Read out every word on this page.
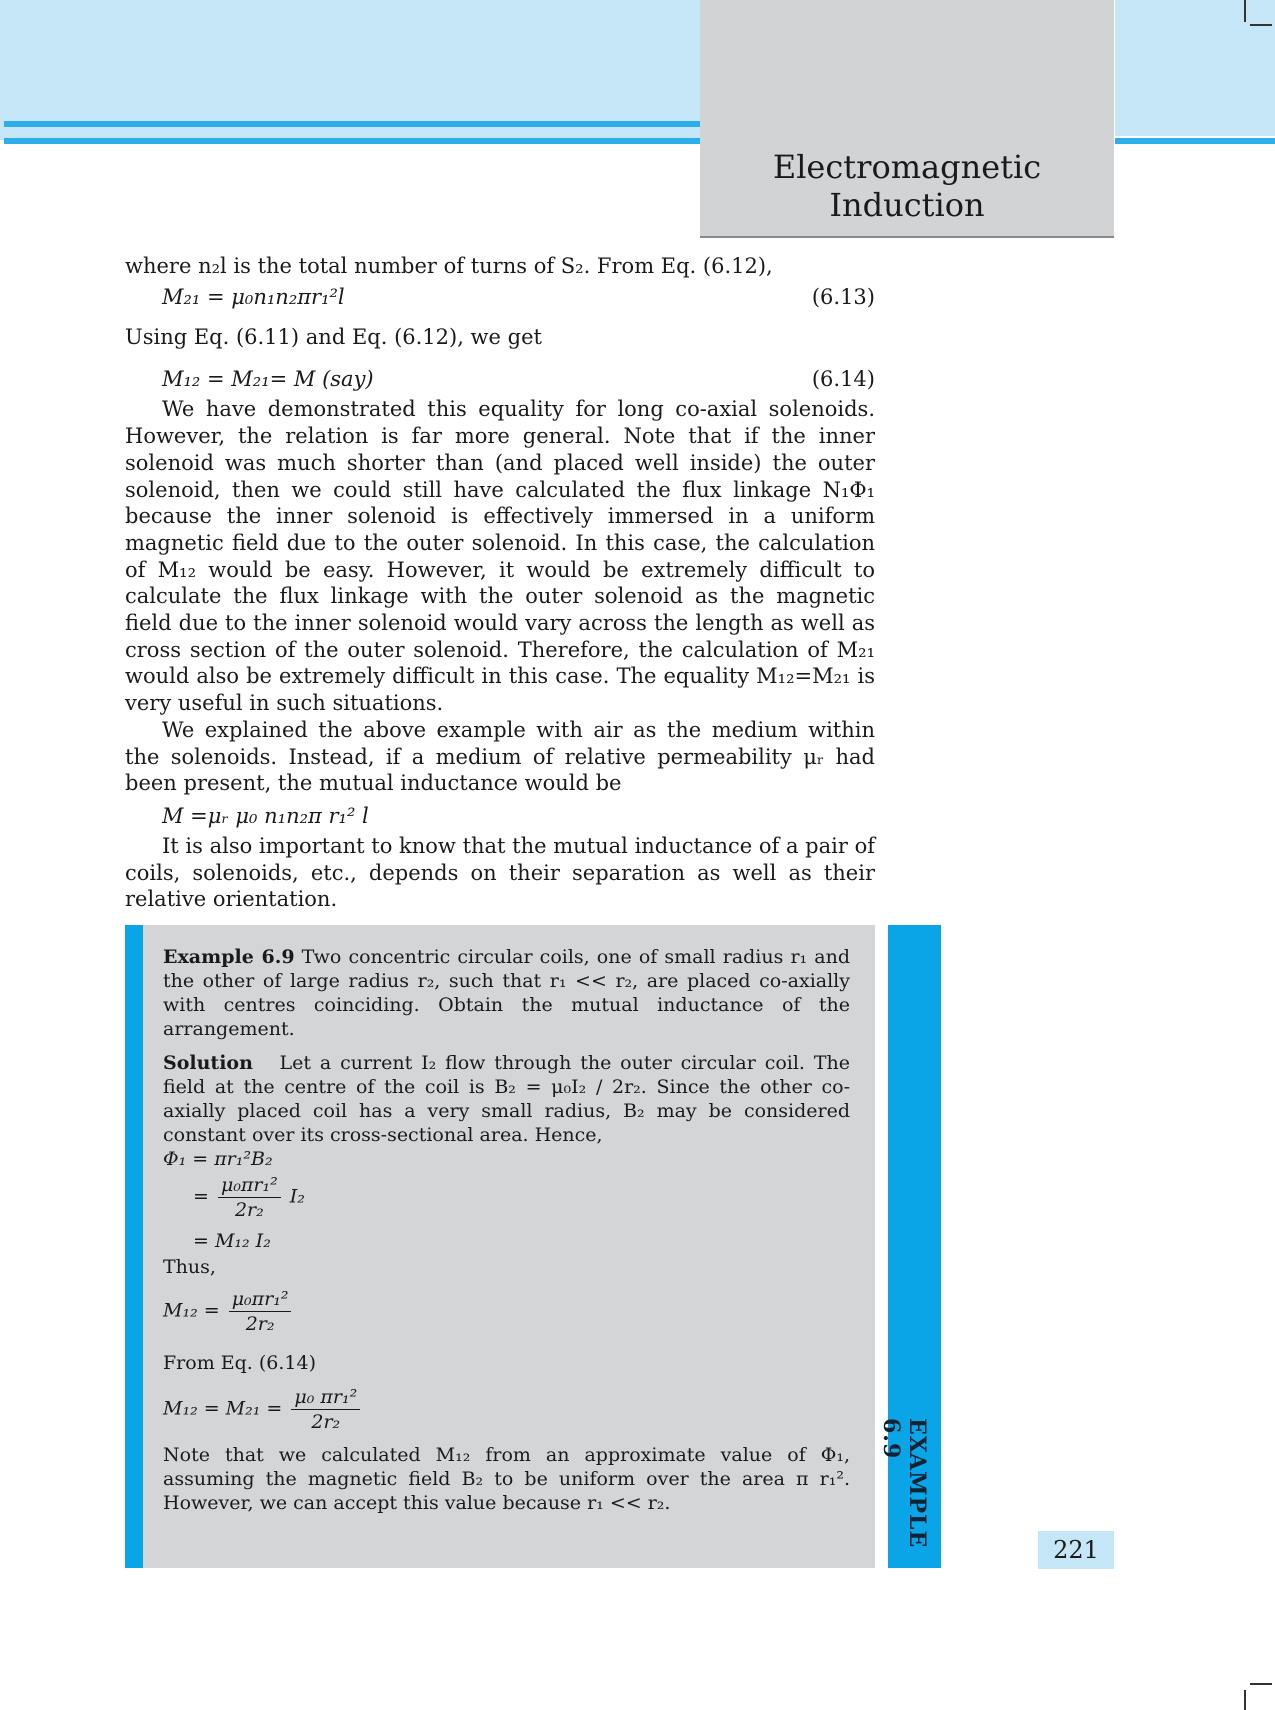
Electromagnetic
Induction

where n₂l is the total number of turns of S₂. From Eq. (6.12),

M₂₁ = μ₀n₁n₂πr₁²l	(6.13)

Using Eq. (6.11) and Eq. (6.12), we get

M₁₂ = M₂₁= M (say)	(6.14)

We have demonstrated this equality for long co-axial solenoids. However, the relation is far more general. Note that if the inner solenoid was much shorter than (and placed well inside) the outer solenoid, then we could still have calculated the flux linkage N₁Φ₁ because the inner solenoid is effectively immersed in a uniform magnetic field due to the outer solenoid. In this case, the calculation of M₁₂ would be easy. However, it would be extremely difficult to calculate the flux linkage with the outer solenoid as the magnetic field due to the inner solenoid would vary across the length as well as cross section of the outer solenoid. Therefore, the calculation of M₂₁ would also be extremely difficult in this case. The equality M₁₂=M₂₁ is very useful in such situations.

We explained the above example with air as the medium within the solenoids. Instead, if a medium of relative permeability μᵣ had been present, the mutual inductance would be

M =μᵣ μ₀ n₁n₂π r₁² l

It is also important to know that the mutual inductance of a pair of coils, solenoids, etc., depends on their separation as well as their relative orientation.

Example 6.9 Two concentric circular coils, one of small radius r₁ and the other of large radius r₂, such that r₁ << r₂, are placed co-axially with centres coinciding. Obtain the mutual inductance of the arrangement.

Solution Let a current I₂ flow through the outer circular coil. The field at the centre of the coil is B₂ = μ₀I₂ / 2r₂. Since the other co-axially placed coil has a very small radius, B₂ may be considered constant over its cross-sectional area. Hence,

Φ₁ = πr₁²B₂
= $\frac{\text{μ₀πr₁²}}{\text{2r₂}} I_2$
= M₁₂ I₂
Thus,
$M_{12} = \frac{\text{μ₀πr₁²}}{\text{2r₂}}$
From Eq. (6.14)
$M_{12} = M_{21} = \frac{\text{μ₀ πr₁²}}{\text{2r₂}}$

Note that we calculated M₁₂ from an approximate value of Φ₁, assuming the magnetic field B₂ to be uniform over the area π r₁². However, we can accept this value because r₁ << r₂.	EXAMPLE 6.9
221
